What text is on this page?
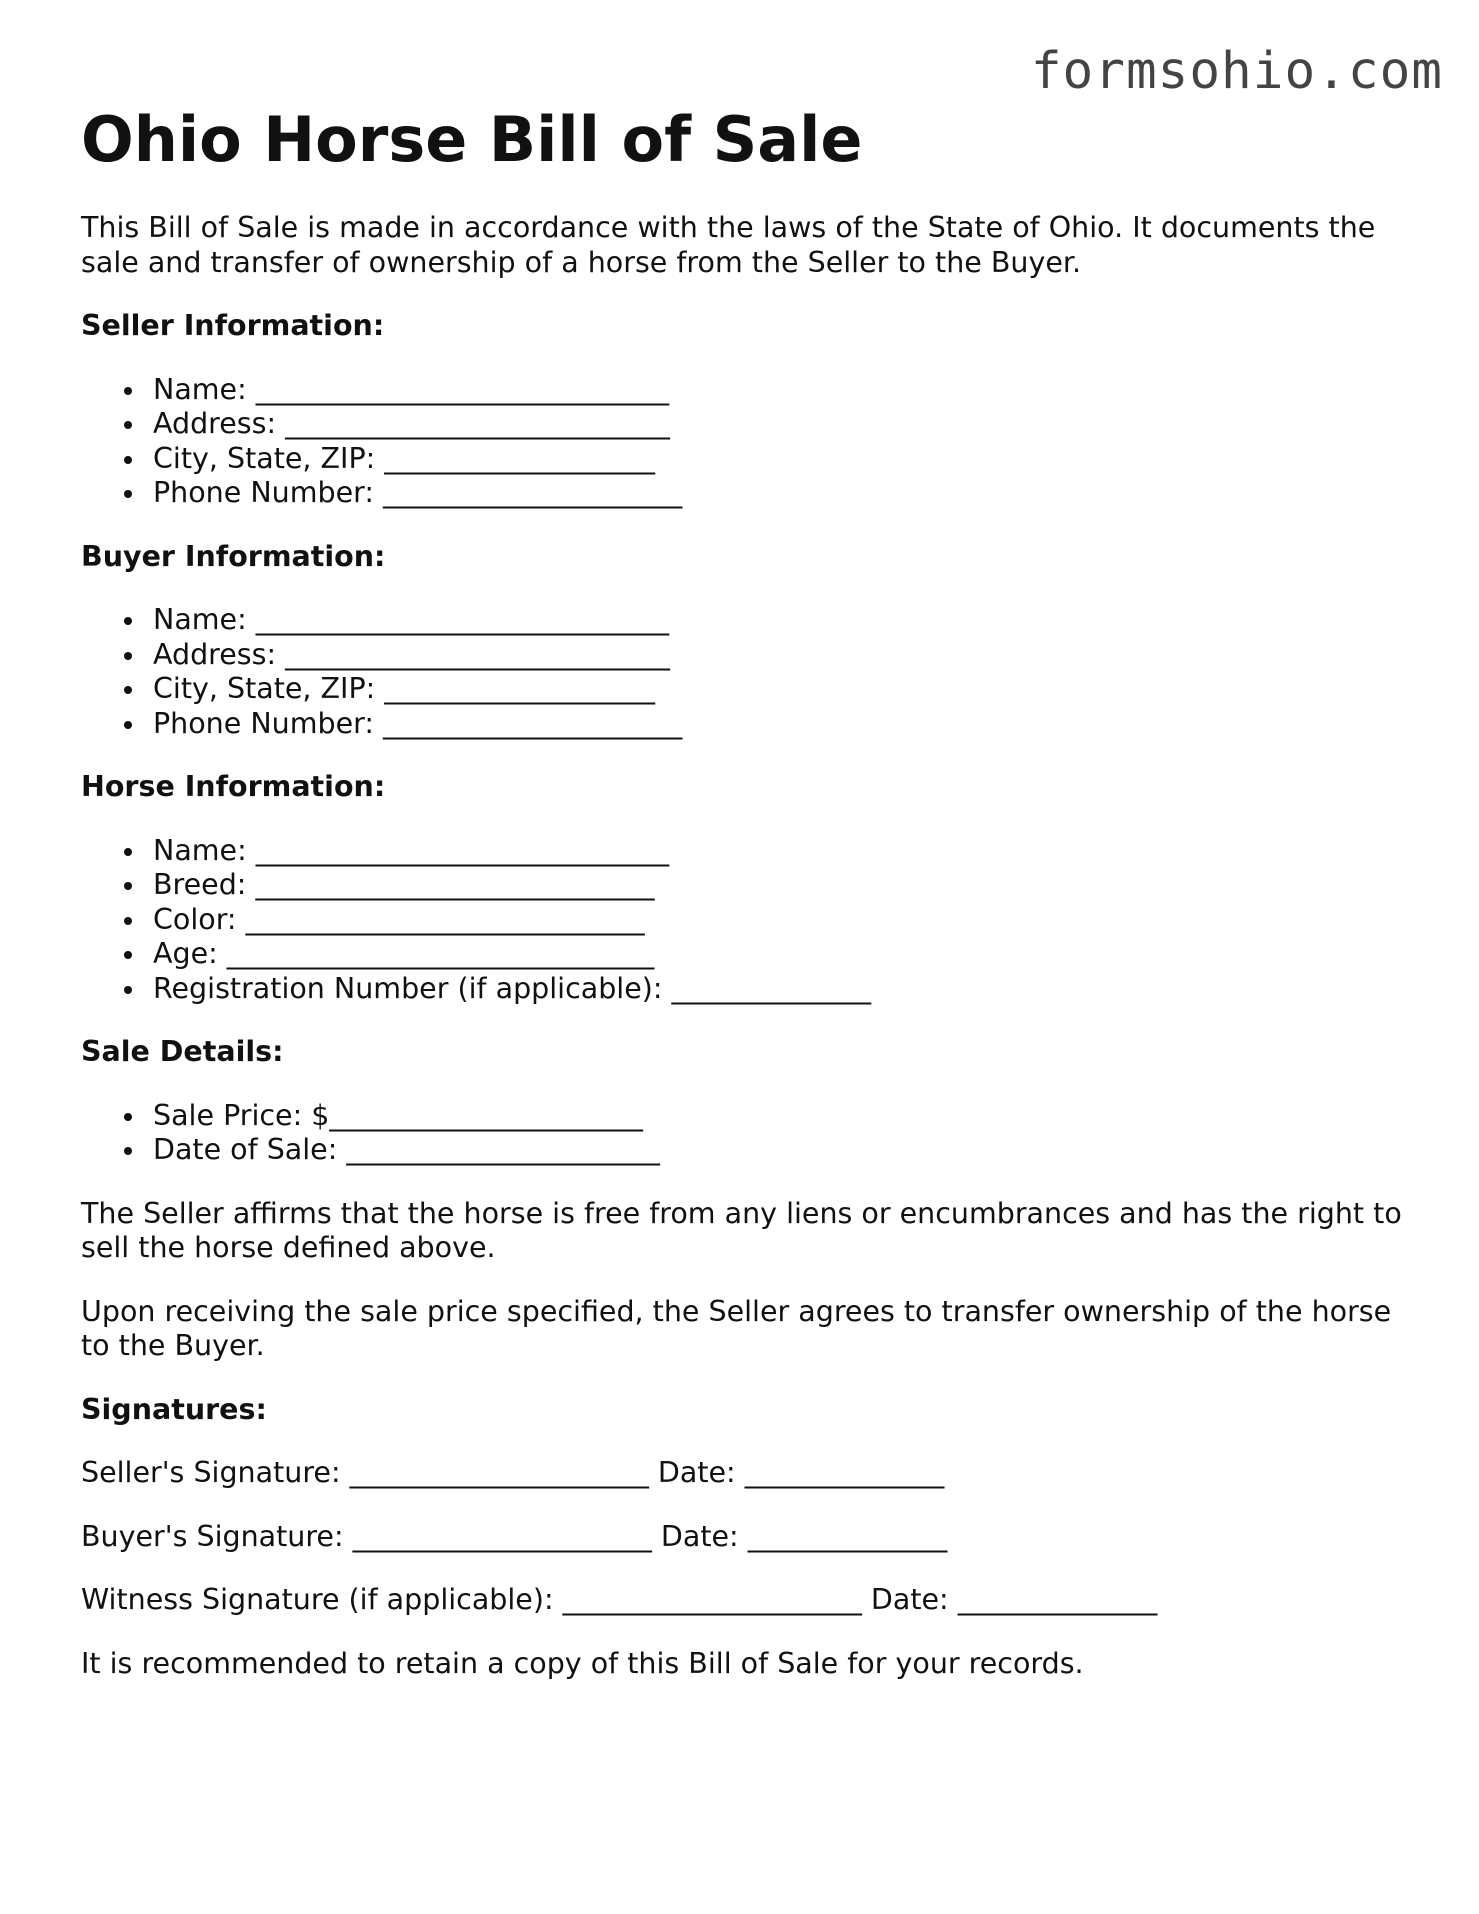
formsohio.com
Ohio Horse Bill of Sale

This Bill of Sale is made in accordance with the laws of the State of Ohio. It documents the sale and transfer of ownership of a horse from the Seller to the Buyer.

Seller Information:
Name: _____________________________
Address: ___________________________
City, State, ZIP: ___________________
Phone Number: _____________________
Buyer Information:
Name: _____________________________
Address: ___________________________
City, State, ZIP: ___________________
Phone Number: _____________________
Horse Information:
Name: _____________________________
Breed: ____________________________
Color: ____________________________
Age: ______________________________
Registration Number (if applicable): ______________
Sale Details:
Sale Price: $______________________
Date of Sale: ______________________

The Seller affirms that the horse is free from any liens or encumbrances and has the right to sell the horse defined above.

Upon receiving the sale price specified, the Seller agrees to transfer ownership of the horse to the Buyer.

Signatures:

Seller's Signature: _____________________ Date: ______________

Buyer's Signature: _____________________ Date: ______________

Witness Signature (if applicable): _____________________ Date: ______________

It is recommended to retain a copy of this Bill of Sale for your records.
